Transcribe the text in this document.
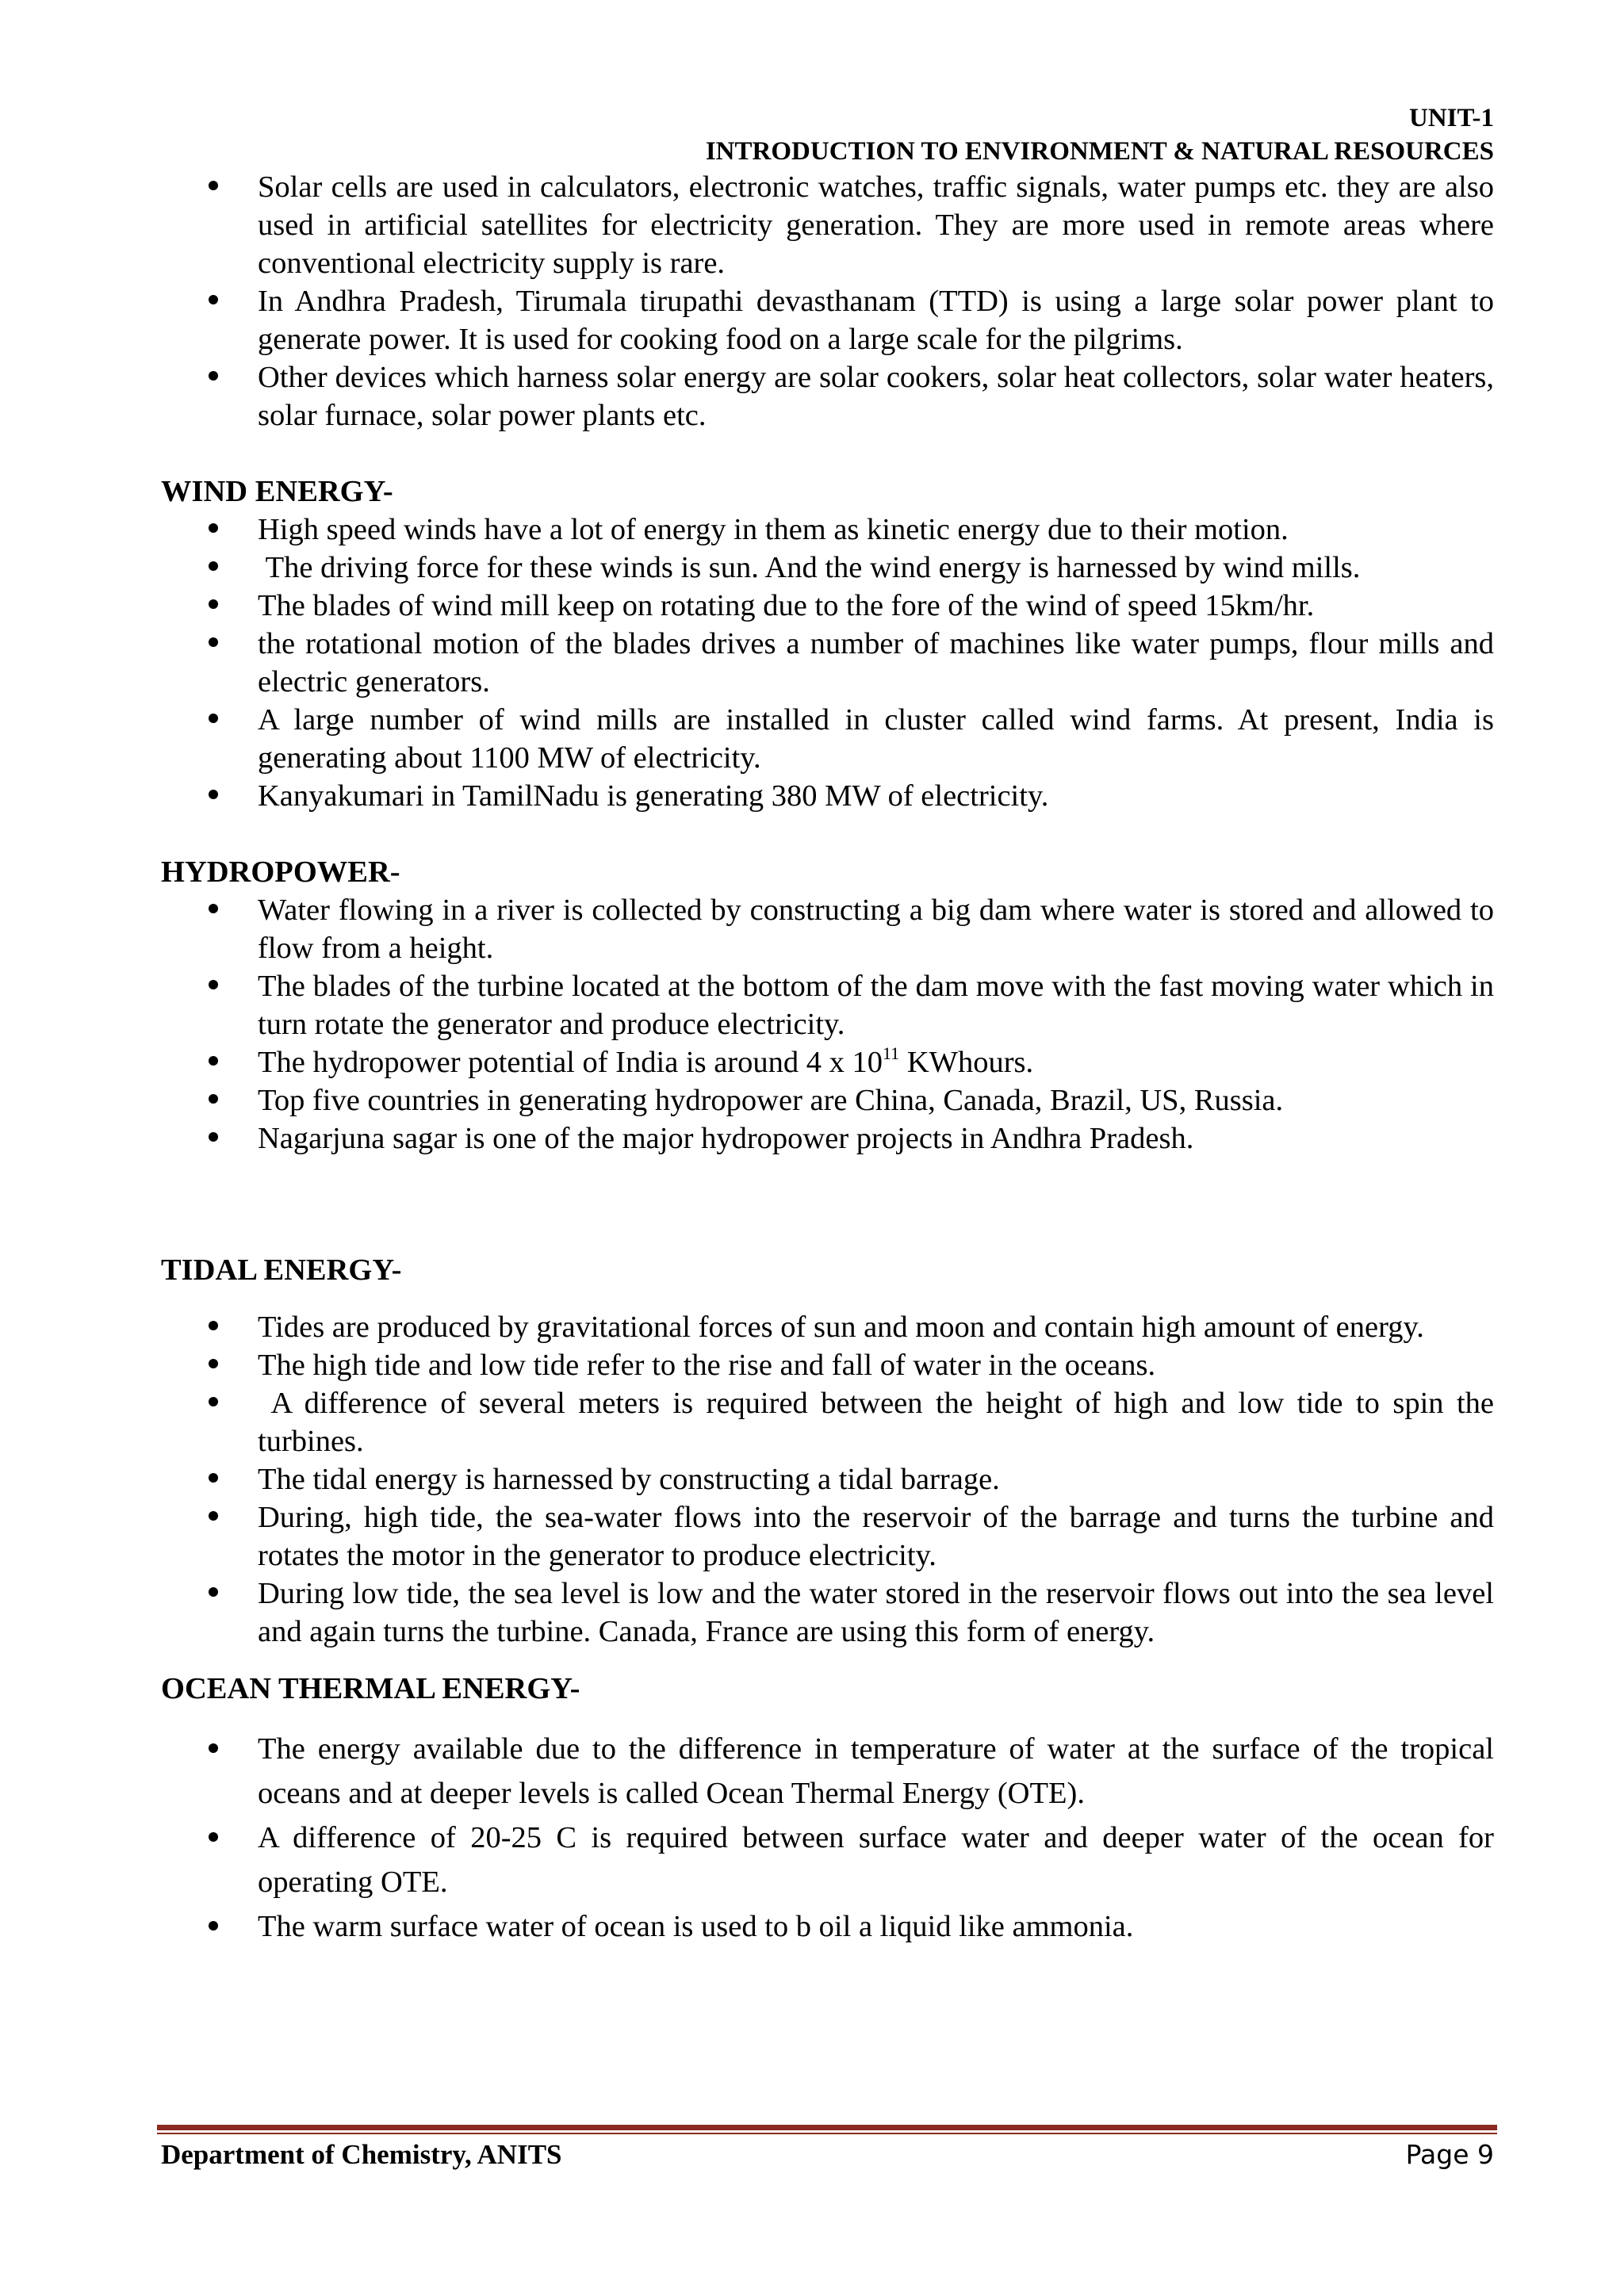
UNIT-1
INTRODUCTION TO ENVIRONMENT & NATURAL RESOURCES
Solar cells are used in calculators, electronic watches, traffic signals, water pumps etc. they are also used in artificial satellites for electricity generation. They are more used in remote areas where conventional electricity supply is rare.
In Andhra Pradesh, Tirumala tirupathi devasthanam (TTD) is using a large solar power plant to generate power. It is used for cooking food on a large scale for the pilgrims.
Other devices which harness solar energy are solar cookers, solar heat collectors, solar water heaters, solar furnace, solar power plants etc.
WIND ENERGY-
High speed winds have a lot of energy in them as kinetic energy due to their motion.
The driving force for these winds is sun. And the wind energy is harnessed by wind mills.
The blades of wind mill keep on rotating due to the fore of the wind of speed 15km/hr.
the rotational motion of the blades drives a number of machines like water pumps, flour mills and electric generators.
A large number of wind mills are installed in cluster called wind farms. At present, India is generating about 1100 MW of electricity.
Kanyakumari in TamilNadu is generating 380 MW of electricity.
HYDROPOWER-
Water flowing in a river is collected by constructing a big dam where water is stored and allowed to flow from a height.
The blades of the turbine located at the bottom of the dam move with the fast moving water which in turn rotate the generator and produce electricity.
The hydropower potential of India is around 4 x $10^{11}$ KWhours.
Top five countries in generating hydropower are China, Canada, Brazil, US, Russia.
Nagarjuna sagar is one of the major hydropower projects in Andhra Pradesh.
TIDAL ENERGY-
Tides are produced by gravitational forces of sun and moon and contain high amount of energy.
The high tide and low tide refer to the rise and fall of water in the oceans.
A difference of several meters is required between the height of high and low tide to spin the turbines.
The tidal energy is harnessed by constructing a tidal barrage.
During, high tide, the sea-water flows into the reservoir of the barrage and turns the turbine and rotates the motor in the generator to produce electricity.
During low tide, the sea level is low and the water stored in the reservoir flows out into the sea level and again turns the turbine. Canada, France are using this form of energy.
OCEAN THERMAL ENERGY-
The energy available due to the difference in temperature of water at the surface of the tropical oceans and at deeper levels is called Ocean Thermal Energy (OTE).
A difference of 20-25 C is required between surface water and deeper water of the ocean for operating OTE.
The warm surface water of ocean is used to b oil a liquid like ammonia.
Department of Chemistry, ANITS	Page 9
